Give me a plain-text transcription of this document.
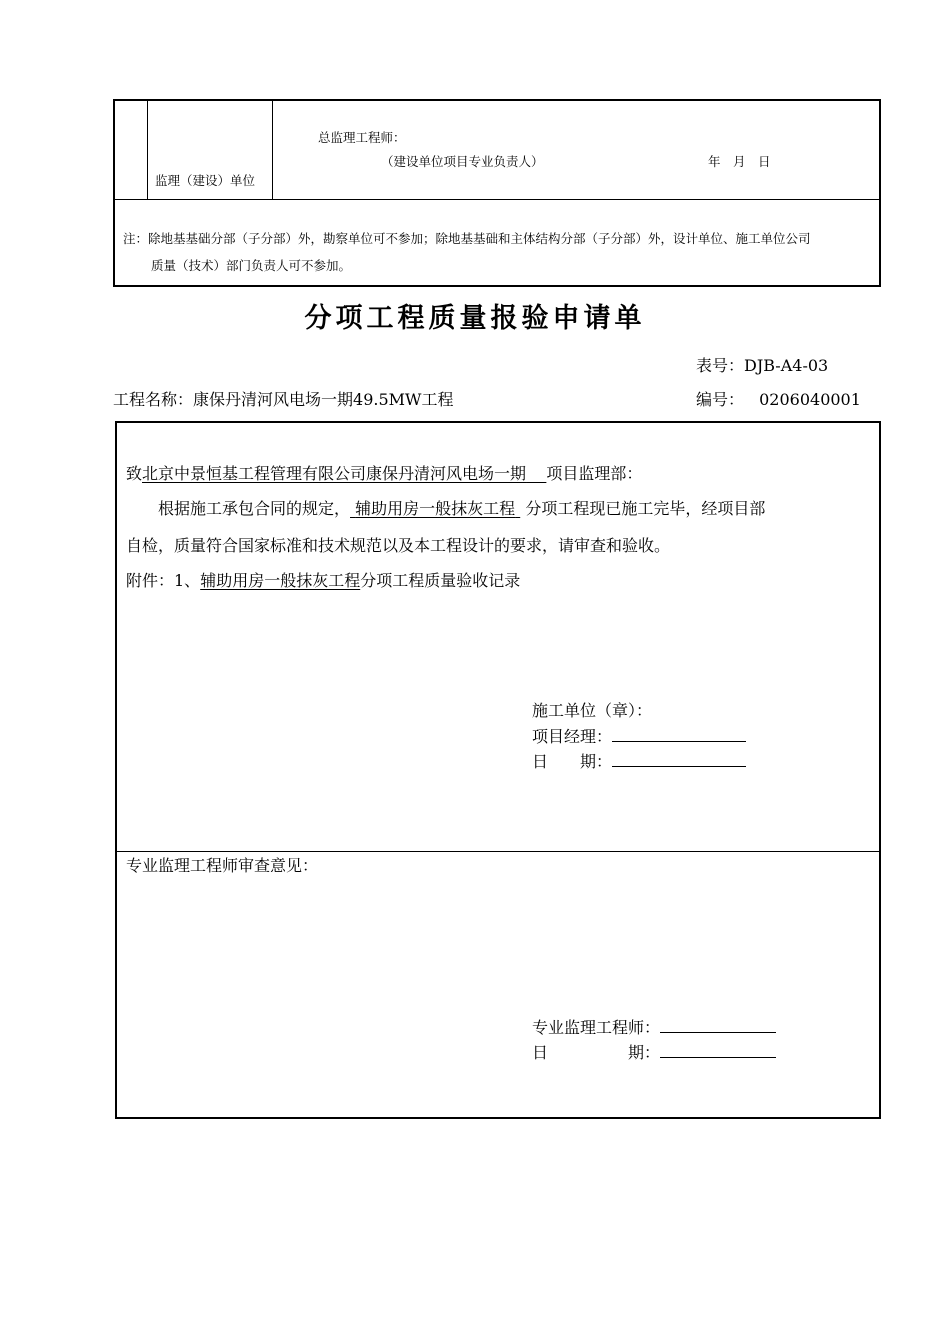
监理（建设）单位
总监理工程师：
（建设单位项目专业负责人）	年　月　日
注：除地基基础分部（子分部）外，勘察单位可不参加；除地基基础和主体结构分部（子分部）外，设计单位、施工单位公司
质量（技术）部门负责人可不参加。
分项工程质量报验申请单
表号：DJB-A4-03
工程名称：康保丹清河风电场一期49.5MW工程	编号： 0206040001
致北京中景恒基工程管理有限公司康保丹清河风电场一期 项目监理部：
根据施工承包合同的规定， 辅助用房一般抹灰工程 分项工程现已施工完毕，经项目部
自检，质量符合国家标准和技术规范以及本工程设计的要求，请审查和验收。
附件：1、辅助用房一般抹灰工程分项工程质量验收记录
施工单位（章）：
项目经理：
日　　期：
专业监理工程师审查意见：
专业监理工程师：
日　　　　　期：
